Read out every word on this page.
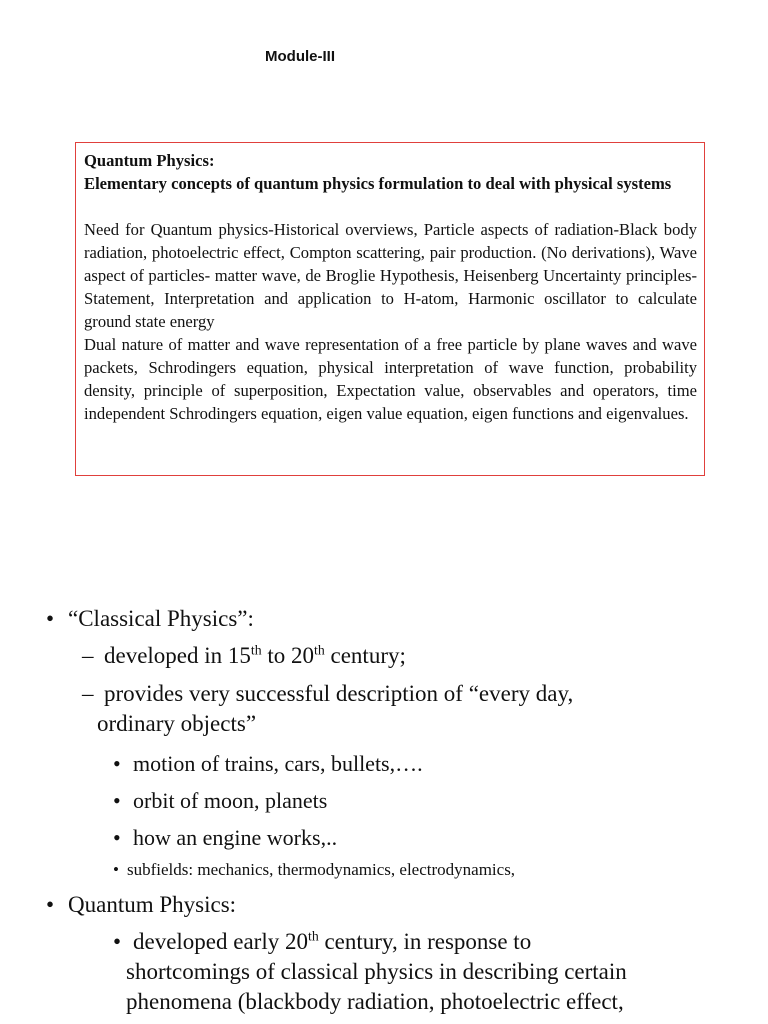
Module-III
Quantum Physics:
Elementary concepts of quantum physics formulation to deal with physical systems
Need for Quantum physics-Historical overviews, Particle aspects of radiation-Black body radiation, photoelectric effect, Compton scattering, pair production. (No derivations), Wave aspect of particles- matter wave, de Broglie Hypothesis, Heisenberg Uncertainty principles- Statement, Interpretation and application to H-atom, Harmonic oscillator to calculate ground state energy
Dual nature of matter and wave representation of a free particle by plane waves and wave packets, Schrodingers equation, physical interpretation of wave function, probability density, principle of superposition, Expectation value, observables and operators, time independent Schrodingers equation, eigen value equation, eigen functions and eigenvalues.
• “Classical Physics”:
– developed in 15th to 20th century;
– provides very successful description of “every day,
ordinary objects”
• motion of trains, cars, bullets,….
• orbit of moon, planets
• how an engine works,..
• subfields: mechanics, thermodynamics, electrodynamics,
• Quantum Physics:
• developed early 20th century, in response to
shortcomings of classical physics in describing certain
phenomena (blackbody radiation, photoelectric effect,
